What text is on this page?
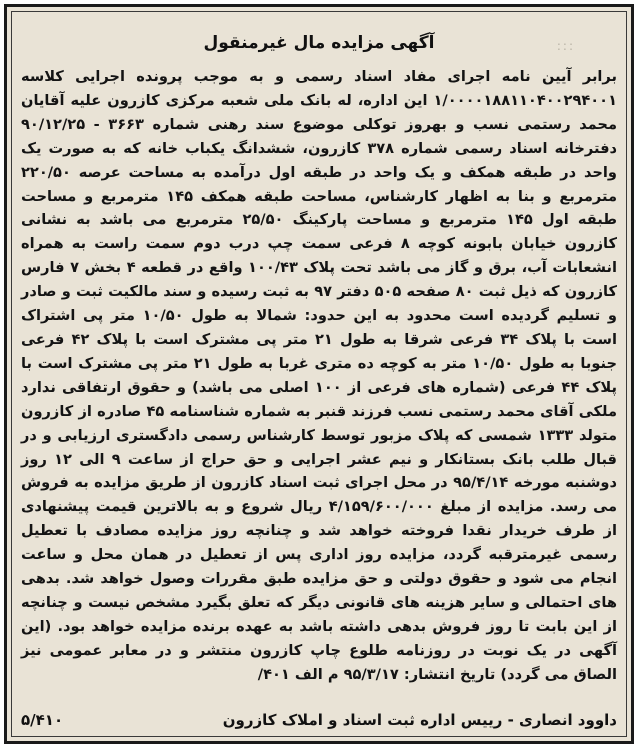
:::
آگهی مزایده مال غیرمنقول

برابر آیین نامه اجرای مفاد اسناد رسمی و به موجب پرونده اجرایی کلاسه ۱/۰۰۰۰۱۸۸۱۱۰۴۰۰۲۹۴۰۰۱ این اداره، له بانک ملی شعبه مرکزی کازرون علیه آقایان محمد رستمی نسب و بهروز توکلی موضوع سند رهنی شماره ۳۶۶۳ - ۹۰/۱۲/۲۵ دفترخانه اسناد رسمی شماره ۳۷۸ کازرون، ششدانگ یکباب خانه که به صورت یک واحد در طبقه همکف و یک واحد در طبقه اول درآمده به مساحت عرصه ۲۲۰/۵۰ مترمربع و بنا به اظهار کارشناس، مساحت طبقه همکف ۱۴۵ مترمربع و مساحت طبقه اول ۱۴۵ مترمربع و مساحت پارکینگ ۲۵/۵۰ مترمربع می باشد به نشانی کازرون خیابان بابونه کوچه ۸ فرعی سمت چپ درب دوم سمت راست به همراه انشعابات آب، برق و گاز می باشد تحت پلاک ۱۰۰/۴۳ واقع در قطعه ۴ بخش ۷ فارس کازرون که ذیل ثبت ۸۰ صفحه ۵۰۵ دفتر ۹۷ به ثبت رسیده و سند مالکیت ثبت و صادر و تسلیم گردیده است محدود به این حدود: شمالا به طول ۱۰/۵۰ متر پی اشتراک است با پلاک ۳۴ فرعی شرقا به طول ۲۱ متر پی مشترک است با پلاک ۴۲ فرعی جنوبا به طول ۱۰/۵۰ متر به کوچه ده متری غربا به طول ۲۱ متر پی مشترک است با پلاک ۴۴ فرعی (شماره های فرعی از ۱۰۰ اصلی می باشد) و حقوق ارتفاقی ندارد ملکی آقای محمد رستمی نسب فرزند قنبر به شماره شناسنامه ۴۵ صادره از کازرون متولد ۱۳۳۳ شمسی که پلاک مزبور توسط کارشناس رسمی دادگستری ارزیابی و در قبال طلب بانک بستانکار و نیم عشر اجرایی و حق حراج از ساعت ۹ الی ۱۲ روز دوشنبه مورخه ۹۵/۴/۱۴ در محل اجرای ثبت اسناد کازرون از طریق مزایده به فروش می رسد. مزایده از مبلغ ۴/۱۵۹/۶۰۰/۰۰۰ ریال شروع و به بالاترین قیمت پیشنهادی از طرف خریدار نقدا فروخته خواهد شد و چنانچه روز مزایده مصادف با تعطیل رسمی غیرمترقبه گردد، مزایده روز اداری پس از تعطیل در همان محل و ساعت انجام می شود و حقوق دولتی و حق مزایده طبق مقررات وصول خواهد شد. بدهی های احتمالی و سایر هزینه های قانونی دیگر که تعلق بگیرد مشخص نیست و چنانچه از این بابت تا روز فروش بدهی داشته باشد به عهده برنده مزایده خواهد بود. (این آگهی در یک نوبت در روزنامه طلوع چاپ کازرون منتشر و در معابر عمومی نیز الصاق می گردد) تاریخ انتشار: ۹۵/۳/۱۷ م الف ۴۰۱/

داوود انصاری - رییس اداره ثبت اسناد و املاک کازرون
۵/۴۱۰
